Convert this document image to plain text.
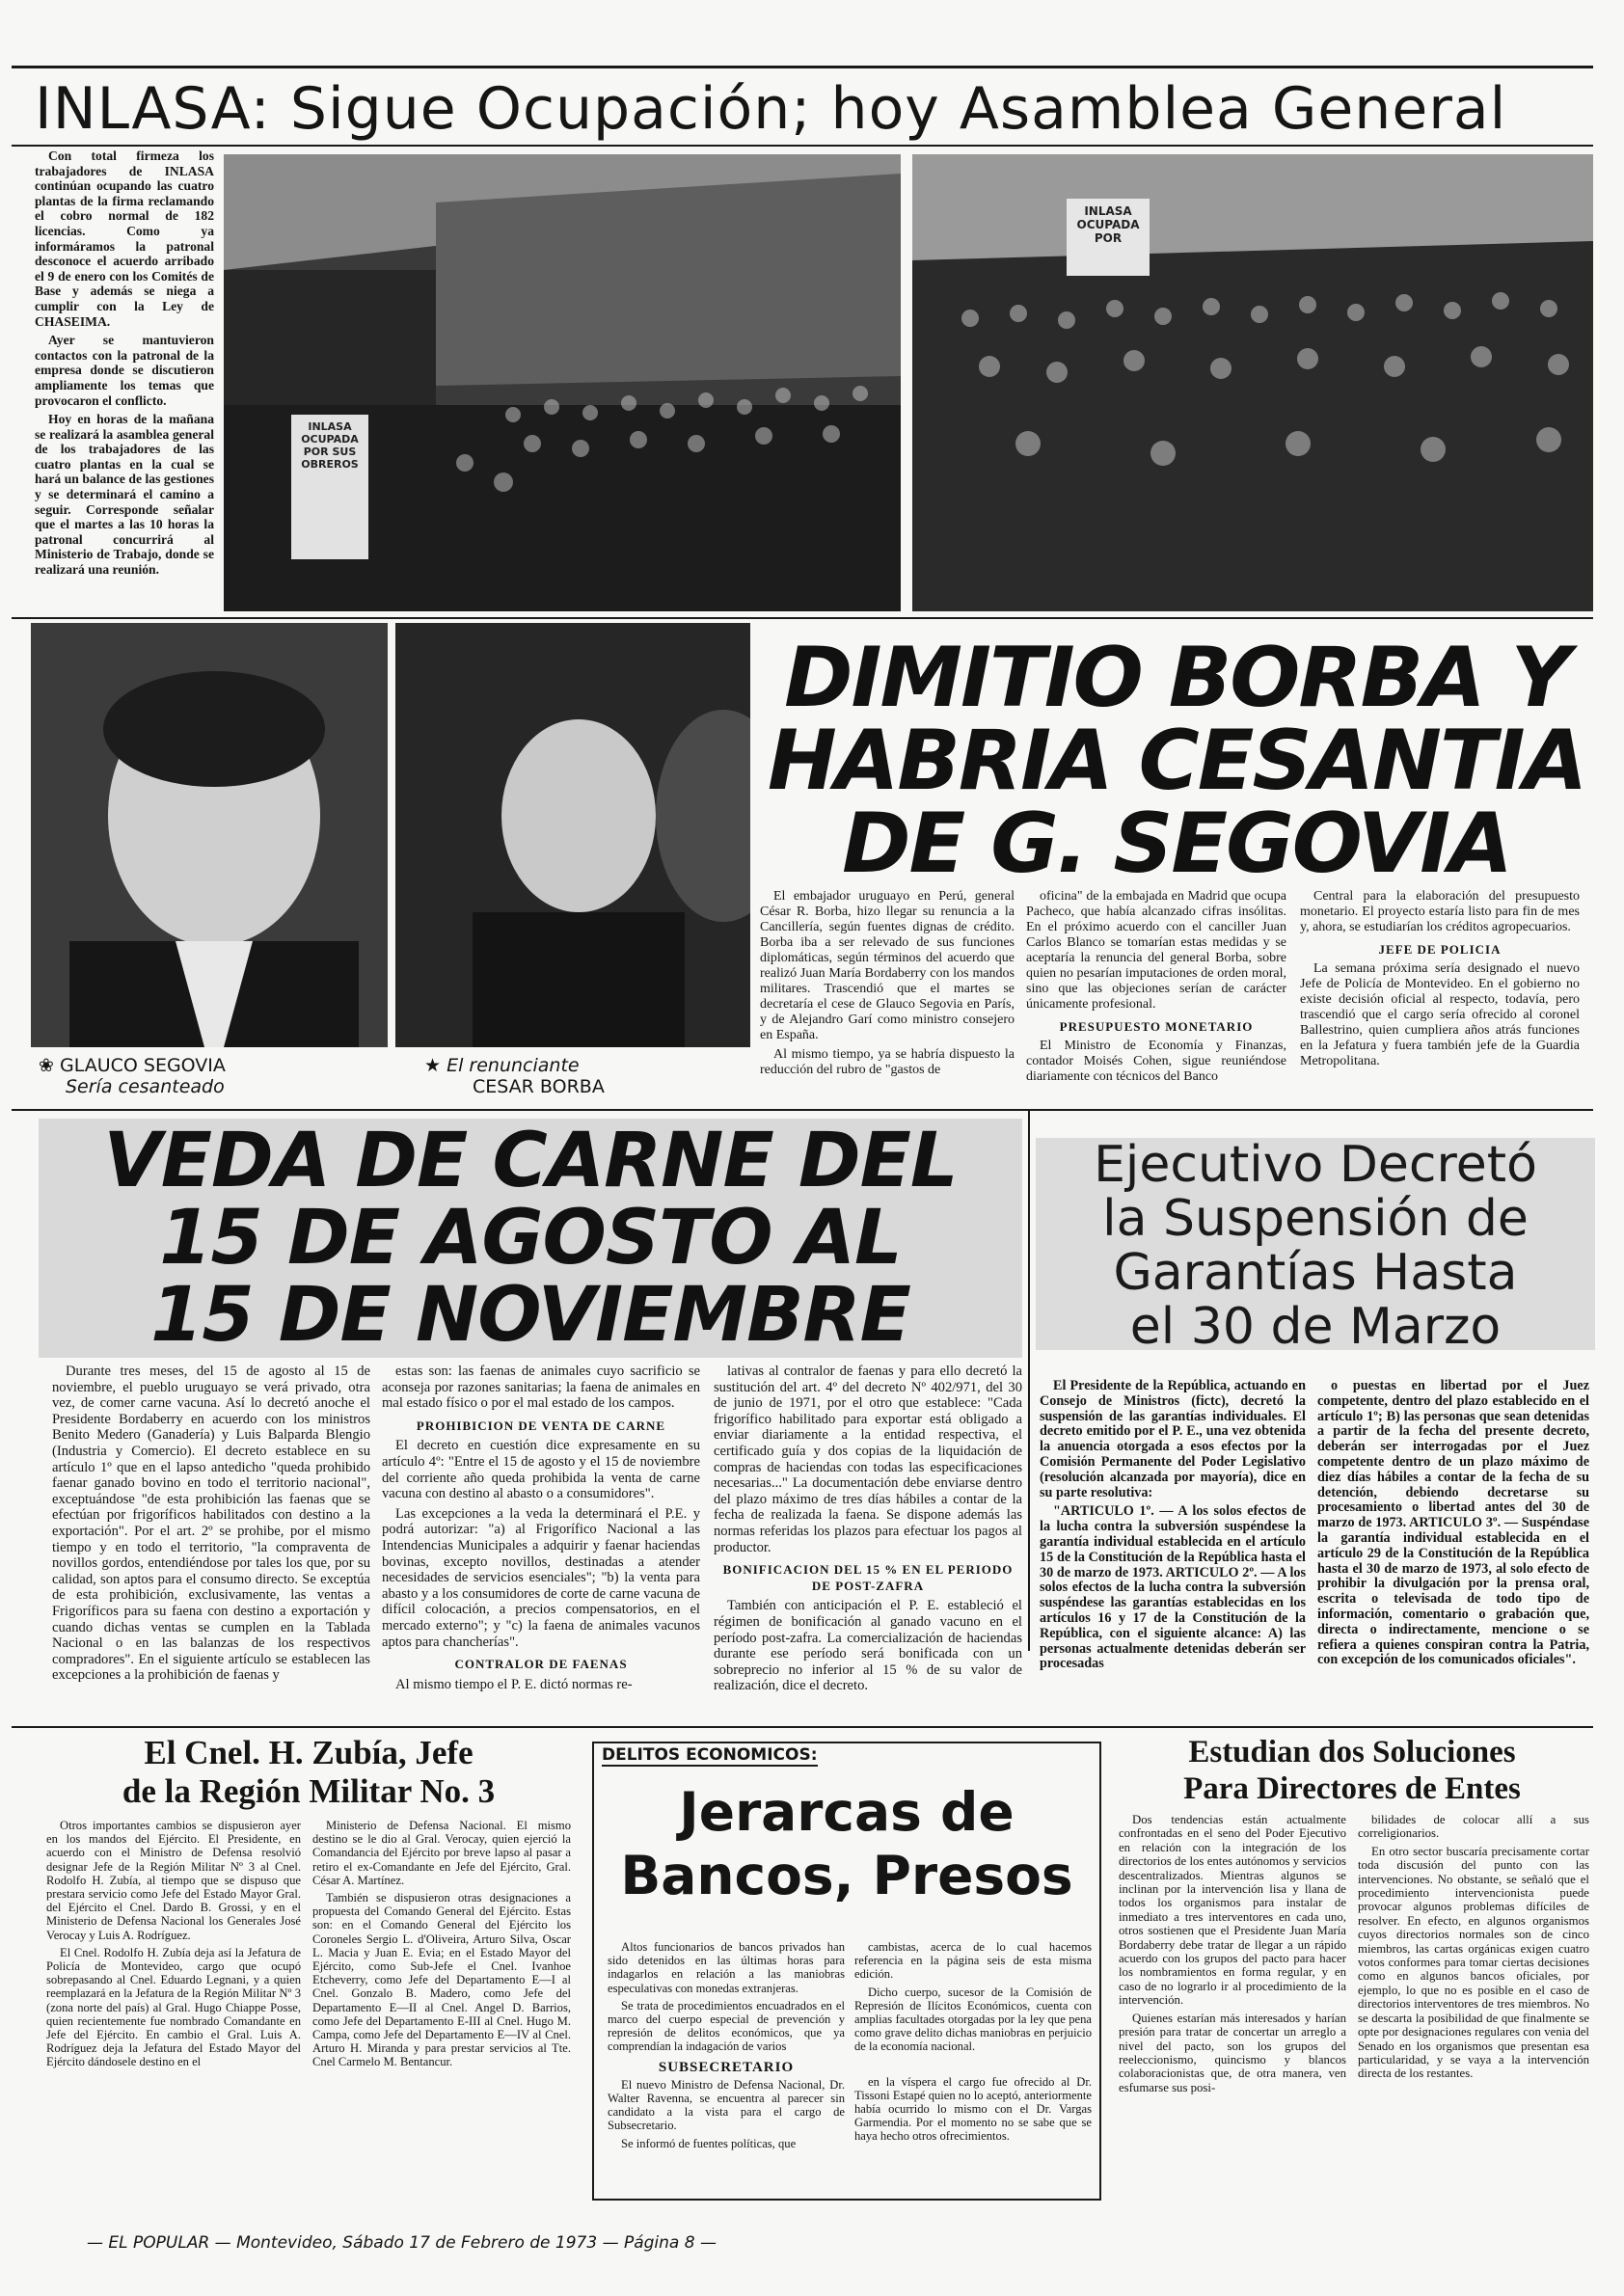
INLASA: Sigue Ocupación; hoy Asamblea General

Con total firmeza los trabajadores de INLASA continúan ocupando las cuatro plantas de la firma reclamando el cobro normal de 182 licencias. Como ya informáramos la patronal desconoce el acuerdo arribado el 9 de enero con los Comités de Base y además se niega a cumplir con la Ley de CHASEIMA.

Ayer se mantuvieron contactos con la patronal de la empresa donde se discutieron ampliamente los temas que provocaron el conflicto.

Hoy en horas de la mañana se realizará la asamblea general de los trabajadores de las cuatro plantas en la cual se hará un balance de las gestiones y se determinará el camino a seguir. Corresponde señalar que el martes a las 10 horas la patronal concurrirá al Ministerio de Trabajo, donde se realizará una reunión.

INLASA OCUPADA POR SUS OBREROS
INLASA OCUPADA POR
❀ GLAUCO SEGOVIA
Sería cesanteado
★ El renunciante
CESAR BORBA
DIMITIO BORBA Y
HABRIA CESANTIA
DE G. SEGOVIA

El embajador uruguayo en Perú, general César R. Borba, hizo llegar su renuncia a la Cancillería, según fuentes dignas de crédito. Borba iba a ser relevado de sus funciones diplomáticas, según términos del acuerdo que realizó Juan María Bordaberry con los mandos militares. Trascendió que el martes se decretaría el cese de Glauco Segovia en París, y de Alejandro Garí como ministro consejero en España.

Al mismo tiempo, ya se habría dispuesto la reducción del rubro de "gastos de

oficina" de la embajada en Madrid que ocupa Pacheco, que había alcanzado cifras insólitas. En el próximo acuerdo con el canciller Juan Carlos Blanco se tomarían estas medidas y se aceptaría la renuncia del general Borba, sobre quien no pesarían imputaciones de orden moral, sino que las objeciones serían de carácter únicamente profesional.

PRESUPUESTO MONETARIO

El Ministro de Economía y Finanzas, contador Moisés Cohen, sigue reuniéndose diariamente con técnicos del Banco

Central para la elaboración del presupuesto monetario. El proyecto estaría listo para fin de mes y, ahora, se estudiarían los créditos agropecuarios.

JEFE DE POLICIA

La semana próxima sería designado el nuevo Jefe de Policía de Montevideo. En el gobierno no existe decisión oficial al respecto, todavía, pero trascendió que el cargo sería ofrecido al coronel Ballestrino, quien cumpliera años atrás funciones en la Jefatura y fuera también jefe de la Guardia Metropolitana.

VEDA DE CARNE DEL
15 DE AGOSTO AL
15 DE NOVIEMBRE

Durante tres meses, del 15 de agosto al 15 de noviembre, el pueblo uruguayo se verá privado, otra vez, de comer carne vacuna. Así lo decretó anoche el Presidente Bordaberry en acuerdo con los ministros Benito Medero (Ganadería) y Luis Balparda Blengio (Industria y Comercio). El decreto establece en su artículo 1º que en el lapso antedicho "queda prohibido faenar ganado bovino en todo el territorio nacional", exceptuándose "de esta prohibición las faenas que se efectúan por frigoríficos habilitados con destino a la exportación". Por el art. 2º se prohibe, por el mismo tiempo y en todo el territorio, "la compraventa de novillos gordos, entendiéndose por tales los que, por su calidad, son aptos para el consumo directo. Se exceptúa de esta prohibición, exclusivamente, las ventas a Frigoríficos para su faena con destino a exportación y cuando dichas ventas se cumplen en la Tablada Nacional o en las balanzas de los respectivos compradores". En el siguiente artículo se establecen las excepciones a la prohibición de faenas y

estas son: las faenas de animales cuyo sacrificio se aconseja por razones sanitarias; la faena de animales en mal estado físico o por el mal estado de los campos.

PROHIBICION DE VENTA DE CARNE

El decreto en cuestión dice expresamente en su artículo 4º: "Entre el 15 de agosto y el 15 de noviembre del corriente año queda prohibida la venta de carne vacuna con destino al abasto o a consumidores".

Las excepciones a la veda la determinará el P.E. y podrá autorizar: "a) al Frigorífico Nacional a las Intendencias Municipales a adquirir y faenar haciendas bovinas, excepto novillos, destinadas a atender necesidades de servicios esenciales"; "b) la venta para abasto y a los consumidores de corte de carne vacuna de difícil colocación, a precios compensatorios, en el mercado externo"; y "c) la faena de animales vacunos aptos para chancherías".

CONTRALOR DE FAENAS

Al mismo tiempo el P. E. dictó normas re-

lativas al contralor de faenas y para ello decretó la sustitución del art. 4º del decreto Nº 402/971, del 30 de junio de 1971, por el otro que establece: "Cada frigorífico habilitado para exportar está obligado a enviar diariamente a la entidad respectiva, el certificado guía y dos copias de la liquidación de compras de haciendas con todas las especificaciones necesarias..." La documentación debe enviarse dentro del plazo máximo de tres días hábiles a contar de la fecha de realizada la faena. Se dispone además las normas referidas los plazos para efectuar los pagos al productor.

BONIFICACION DEL 15 % EN EL PERIODO DE POST-ZAFRA

También con anticipación el P. E. estableció el régimen de bonificación al ganado vacuno en el período post-zafra. La comercialización de haciendas durante ese período será bonificada con un sobreprecio no inferior al 15 % de su valor de realización, dice el decreto.

Ejecutivo Decretó
la Suspensión de
Garantías Hasta
el 30 de Marzo

El Presidente de la República, actuando en Consejo de Ministros (fictc), decretó la suspensión de las garantías individuales. El decreto emitido por el P. E., una vez obtenida la anuencia otorgada a esos efectos por la Comisión Permanente del Poder Legislativo (resolución alcanzada por mayoría), dice en su parte resolutiva:

"ARTICULO 1º. — A los solos efectos de la lucha contra la subversión suspéndese la garantía individual establecida en el artículo 15 de la Constitución de la República hasta el 30 de marzo de 1973. ARTICULO 2º. — A los solos efectos de la lucha contra la subversión suspéndese las garantías establecidas en los artículos 16 y 17 de la Constitución de la República, con el siguiente alcance: A) las personas actualmente detenidas deberán ser procesadas

o puestas en libertad por el Juez competente, dentro del plazo establecido en el artículo 1º; B) las personas que sean detenidas a partir de la fecha del presente decreto, deberán ser interrogadas por el Juez competente dentro de un plazo máximo de diez días hábiles a contar de la fecha de su detención, debiendo decretarse su procesamiento o libertad antes del 30 de marzo de 1973. ARTICULO 3º. — Suspéndase la garantía individual establecida en el artículo 29 de la Constitución de la República hasta el 30 de marzo de 1973, al solo efecto de prohibir la divulgación por la prensa oral, escrita o televisada de todo tipo de información, comentario o grabación que, directa o indirectamente, mencione o se refiera a quienes conspiran contra la Patria, con excepción de los comunicados oficiales".

El Cnel. H. Zubía, Jefe
de la Región Militar No. 3

Otros importantes cambios se dispusieron ayer en los mandos del Ejército. El Presidente, en acuerdo con el Ministro de Defensa resolvió designar Jefe de la Región Militar Nº 3 al Cnel. Rodolfo H. Zubía, al tiempo que se dispuso que prestara servicio como Jefe del Estado Mayor Gral. del Ejército el Cnel. Dardo B. Grossi, y en el Ministerio de Defensa Nacional los Generales José Verocay y Luis A. Rodríguez.

El Cnel. Rodolfo H. Zubía deja así la Jefatura de Policía de Montevideo, cargo que ocupó sobrepasando al Cnel. Eduardo Legnani, y a quien reemplazará en la Jefatura de la Región Militar Nº 3 (zona norte del país) al Gral. Hugo Chiappe Posse, quien recientemente fue nombrado Comandante en Jefe del Ejército. En cambio el Gral. Luis A. Rodríguez deja la Jefatura del Estado Mayor del Ejército dándosele destino en el

Ministerio de Defensa Nacional. El mismo destino se le dio al Gral. Verocay, quien ejerció la Comandancia del Ejército por breve lapso al pasar a retiro el ex-Comandante en Jefe del Ejército, Gral. César A. Martínez.

También se dispusieron otras designaciones a propuesta del Comando General del Ejército. Estas son: en el Comando General del Ejército los Coroneles Sergio L. d'Oliveira, Arturo Silva, Oscar L. Macia y Juan E. Evia; en el Estado Mayor del Ejército, como Sub-Jefe el Cnel. Ivanhoe Etcheverry, como Jefe del Departamento E—I al Cnel. Gonzalo B. Madero, como Jefe del Departamento E—II al Cnel. Angel D. Barrios, como Jefe del Departamento E-III al Cnel. Hugo M. Campa, como Jefe del Departamento E—IV al Cnel. Arturo H. Miranda y para prestar servicios al Tte. Cnel Carmelo M. Bentancur.

DELITOS ECONOMICOS:
Jerarcas de
Bancos, Presos

Altos funcionarios de bancos privados han sido detenidos en las últimas horas para indagarlos en relación a las maniobras especulativas con monedas extranjeras.

Se trata de procedimientos encuadrados en el marco del cuerpo especial de prevención y represión de delitos económicos, que ya comprendían la indagación de varios

SUBSECRETARIO

El nuevo Ministro de Defensa Nacional, Dr. Walter Ravenna, se encuentra al parecer sin candidato a la vista para el cargo de Subsecretario.

Se informó de fuentes políticas, que

cambistas, acerca de lo cual hacemos referencia en la página seis de esta misma edición.

Dicho cuerpo, sucesor de la Comisión de Represión de Ilícitos Económicos, cuenta con amplias facultades otorgadas por la ley que pena como grave delito dichas maniobras en perjuicio de la economía nacional.

en la víspera el cargo fue ofrecido al Dr. Tissoni Estapé quien no lo aceptó, anteriormente había ocurrido lo mismo con el Dr. Vargas Garmendia. Por el momento no se sabe que se haya hecho otros ofrecimientos.

Estudian dos Soluciones
Para Directores de Entes

Dos tendencias están actualmente confrontadas en el seno del Poder Ejecutivo en relación con la integración de los directorios de los entes autónomos y servicios descentralizados. Mientras algunos se inclinan por la intervención lisa y llana de todos los organismos para instalar de inmediato a tres interventores en cada uno, otros sostienen que el Presidente Juan María Bordaberry debe tratar de llegar a un rápido acuerdo con los grupos del pacto para hacer los nombramientos en forma regular, y en caso de no lograrlo ir al procedimiento de la intervención.

Quienes estarían más interesados y harían presión para tratar de concertar un arreglo a nivel del pacto, son los grupos del reeleccionismo, quincismo y blancos colaboracionistas que, de otra manera, ven esfumarse sus posi-

bilidades de colocar allí a sus correligionarios.

En otro sector buscaría precisamente cortar toda discusión del punto con las intervenciones. No obstante, se señaló que el procedimiento intervencionista puede provocar algunos problemas difíciles de resolver. En efecto, en algunos organismos cuyos directorios normales son de cinco miembros, las cartas orgánicas exigen cuatro votos conformes para tomar ciertas decisiones como en algunos bancos oficiales, por ejemplo, lo que no es posible en el caso de directorios interventores de tres miembros. No se descarta la posibilidad de que finalmente se opte por designaciones regulares con venia del Senado en los organismos que presentan esa particularidad, y se vaya a la intervención directa de los restantes.

— EL POPULAR — Montevideo, Sábado 17 de Febrero de 1973 — Página 8 —
